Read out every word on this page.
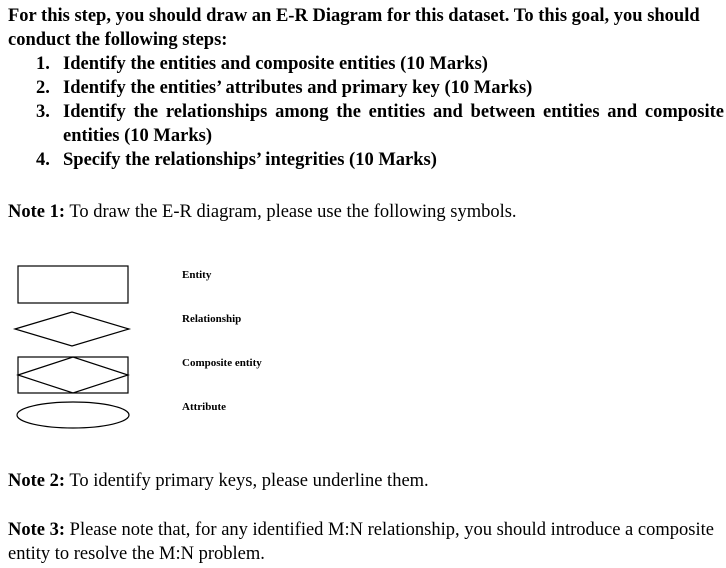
For this step, you should draw an E-R Diagram for this dataset. To this goal, you should conduct the following steps:

1. Identify the entities and composite entities (10 Marks)
2. Identify the entities’ attributes and primary key (10 Marks)
3. Identify the relationships among the entities and between entities and composite entities (10 Marks)
4. Specify the relationships’ integrities (10 Marks)

Note 1: To draw the E-R diagram, please use the following symbols.

Entity
Relationship
Composite entity
Attribute

Note 2: To identify primary keys, please underline them.

Note 3: Please note that, for any identified M:N relationship, you should introduce a composite entity to resolve the M:N problem.
